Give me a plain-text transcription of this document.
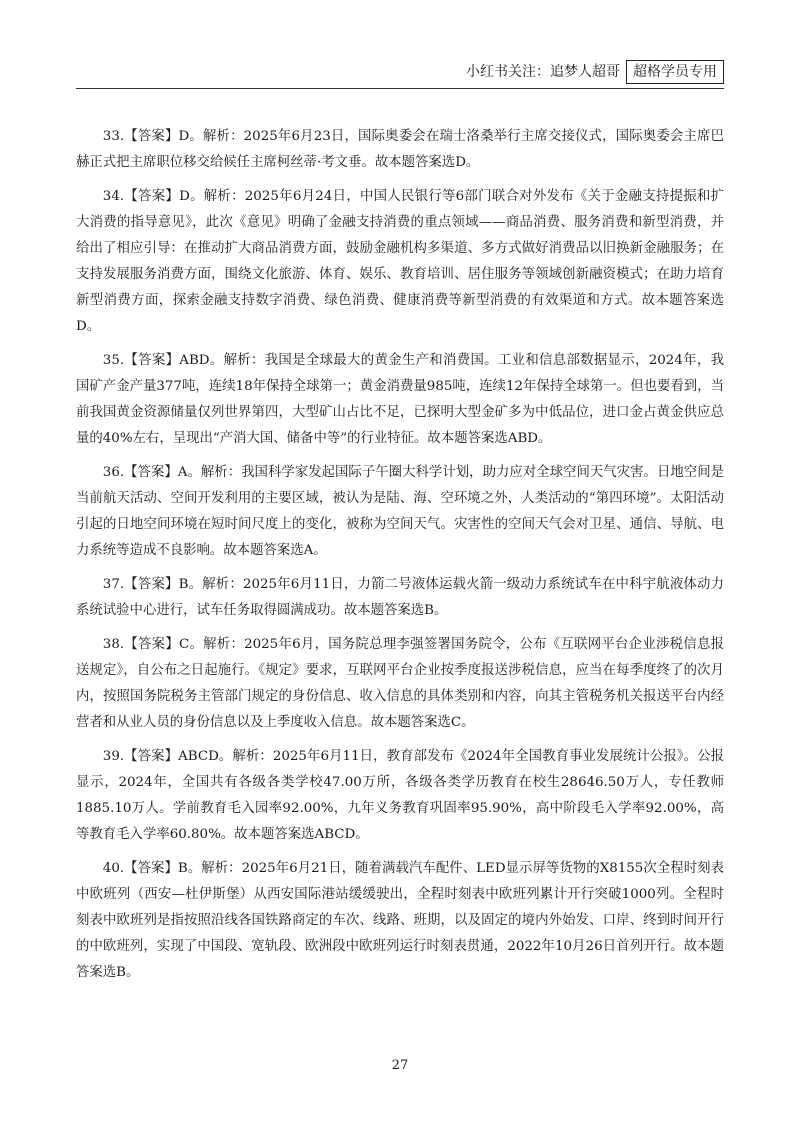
小红书关注：追梦人超哥 超格学员专用

33.【答案】D。解析：2025年6月23日，国际奥委会在瑞士洛桑举行主席交接仪式，国际奥委会主席巴赫正式把主席职位移交给候任主席柯丝蒂·考文垂。故本题答案选D。

34.【答案】D。解析：2025年6月24日，中国人民银行等6部门联合对外发布《关于金融支持提振和扩大消费的指导意见》，此次《意见》明确了金融支持消费的重点领域——商品消费、服务消费和新型消费，并给出了相应引导：在推动扩大商品消费方面，鼓励金融机构多渠道、多方式做好消费品以旧换新金融服务；在支持发展服务消费方面，围绕文化旅游、体育、娱乐、教育培训、居住服务等领域创新融资模式；在助力培育新型消费方面，探索金融支持数字消费、绿色消费、健康消费等新型消费的有效渠道和方式。故本题答案选D。

35.【答案】ABD。解析：我国是全球最大的黄金生产和消费国。工业和信息部数据显示，2024年，我国矿产金产量377吨，连续18年保持全球第一；黄金消费量985吨，连续12年保持全球第一。但也要看到，当前我国黄金资源储量仅列世界第四，大型矿山占比不足，已探明大型金矿多为中低品位，进口金占黄金供应总量的40%左右，呈现出“产消大国、储备中等”的行业特征。故本题答案选ABD。

36.【答案】A。解析：我国科学家发起国际子午圈大科学计划，助力应对全球空间天气灾害。日地空间是当前航天活动、空间开发利用的主要区域，被认为是陆、海、空环境之外，人类活动的“第四环境”。太阳活动引起的日地空间环境在短时间尺度上的变化，被称为空间天气。灾害性的空间天气会对卫星、通信、导航、电力系统等造成不良影响。故本题答案选A。

37.【答案】B。解析：2025年6月11日，力箭二号液体运载火箭一级动力系统试车在中科宇航液体动力系统试验中心进行，试车任务取得圆满成功。故本题答案选B。

38.【答案】C。解析：2025年6月，国务院总理李强签署国务院令，公布《互联网平台企业涉税信息报送规定》，自公布之日起施行。《规定》要求，互联网平台企业按季度报送涉税信息，应当在每季度终了的次月内，按照国务院税务主管部门规定的身份信息、收入信息的具体类别和内容，向其主管税务机关报送平台内经营者和从业人员的身份信息以及上季度收入信息。故本题答案选C。

39.【答案】ABCD。解析：2025年6月11日，教育部发布《2024年全国教育事业发展统计公报》。公报显示，2024年，全国共有各级各类学校47.00万所，各级各类学历教育在校生28646.50万人，专任教师1885.10万人。学前教育毛入园率92.00%，九年义务教育巩固率95.90%，高中阶段毛入学率92.00%，高等教育毛入学率60.80%。故本题答案选ABCD。

40.【答案】B。解析：2025年6月21日，随着满载汽车配件、LED显示屏等货物的X8155次全程时刻表中欧班列（西安—杜伊斯堡）从西安国际港站缓缓驶出，全程时刻表中欧班列累计开行突破1000列。全程时刻表中欧班列是指按照沿线各国铁路商定的车次、线路、班期，以及固定的境内外始发、口岸、终到时间开行的中欧班列，实现了中国段、宽轨段、欧洲段中欧班列运行时刻表贯通，2022年10月26日首列开行。故本题答案选B。

27
